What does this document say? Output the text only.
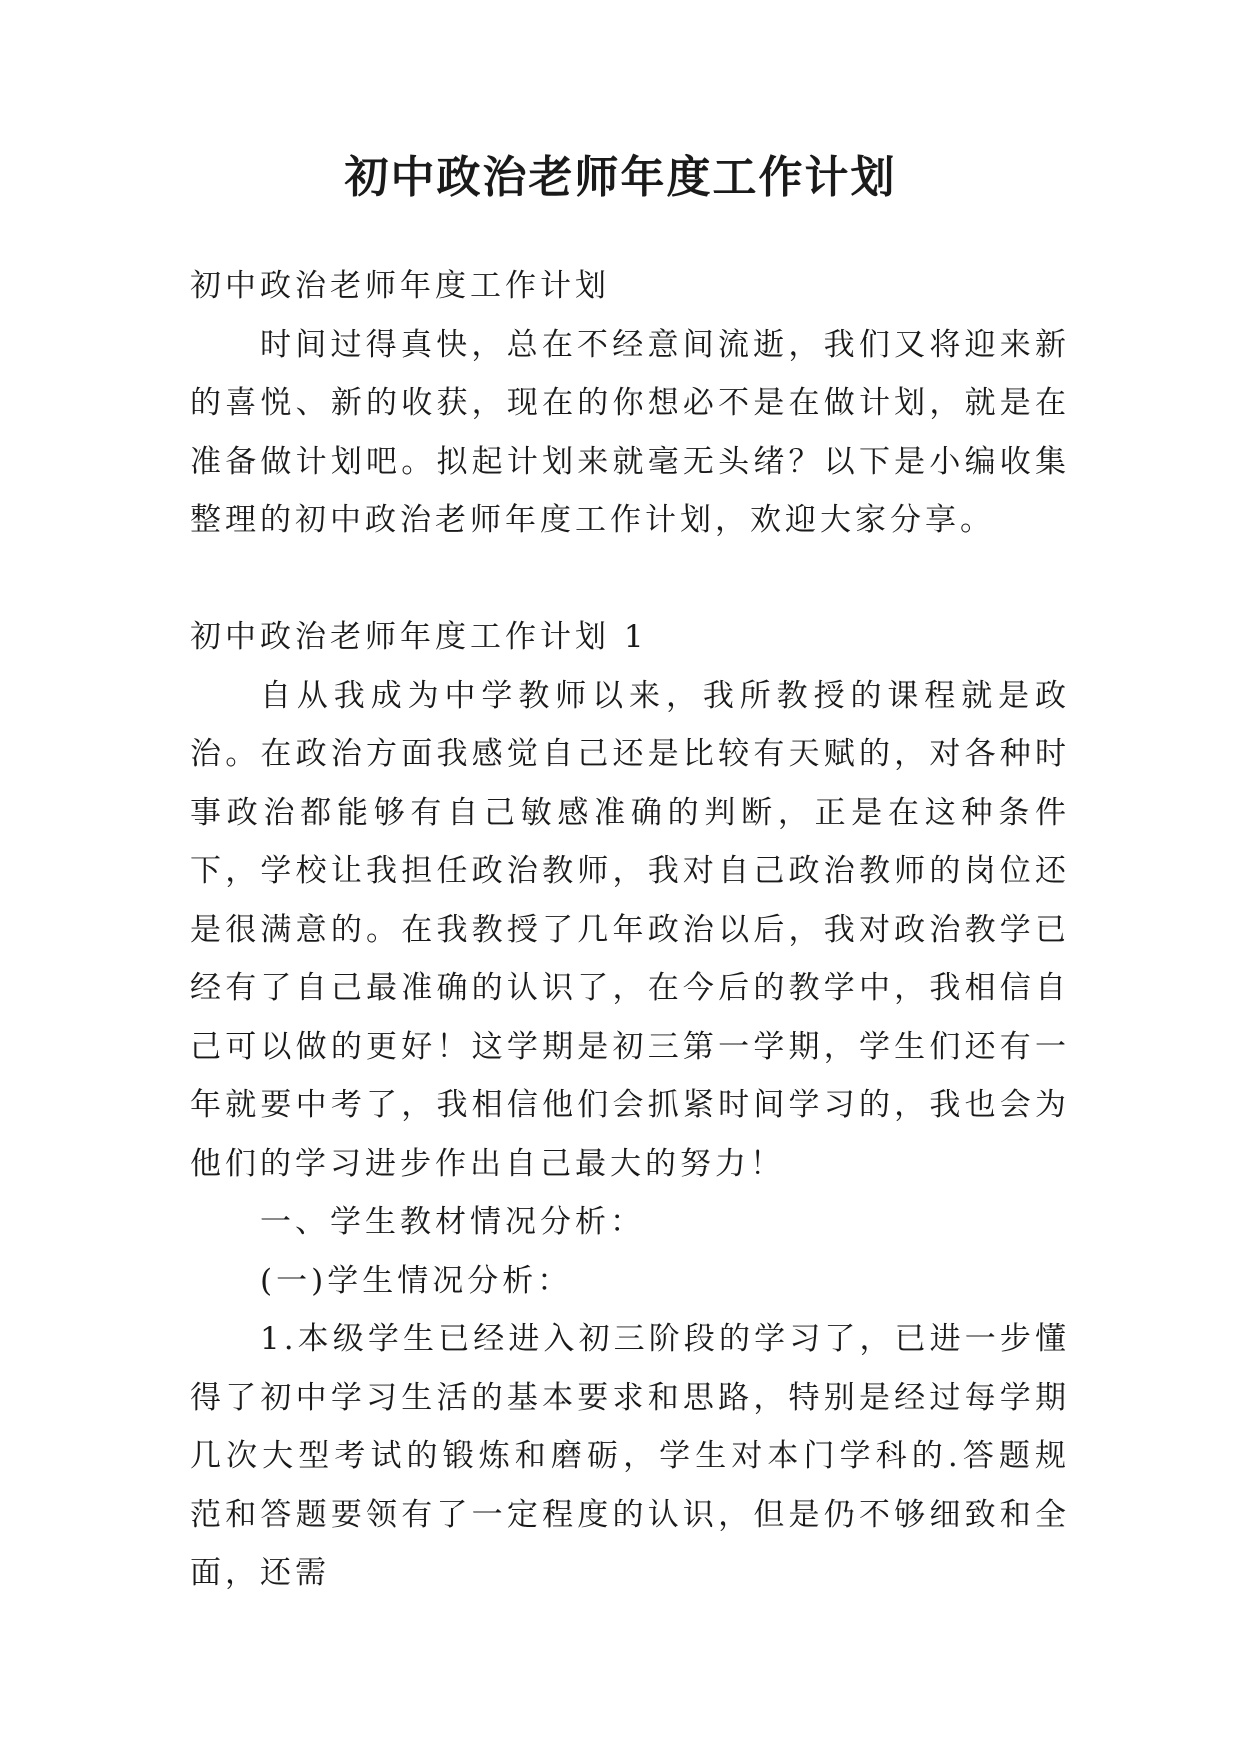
初中政治老师年度工作计划

初中政治老师年度工作计划

时间过得真快，总在不经意间流逝，我们又将迎来新的喜悦、新的收获，现在的你想必不是在做计划，就是在准备做计划吧。拟起计划来就毫无头绪？以下是小编收集整理的初中政治老师年度工作计划，欢迎大家分享。

初中政治老师年度工作计划 1

自从我成为中学教师以来，我所教授的课程就是政治。在政治方面我感觉自己还是比较有天赋的，对各种时事政治都能够有自己敏感准确的判断，正是在这种条件下，学校让我担任政治教师，我对自己政治教师的岗位还是很满意的。在我教授了几年政治以后，我对政治教学已经有了自己最准确的认识了，在今后的教学中，我相信自己可以做的更好！这学期是初三第一学期，学生们还有一年就要中考了，我相信他们会抓紧时间学习的，我也会为他们的学习进步作出自己最大的努力！

一、学生教材情况分析：

(一)学生情况分析：

1.本级学生已经进入初三阶段的学习了，已进一步懂得了初中学习生活的基本要求和思路，特别是经过每学期几次大型考试的锻炼和磨砺，学生对本门学科的.答题规范和答题要领有了一定程度的认识，但是仍不够细致和全面，还需
